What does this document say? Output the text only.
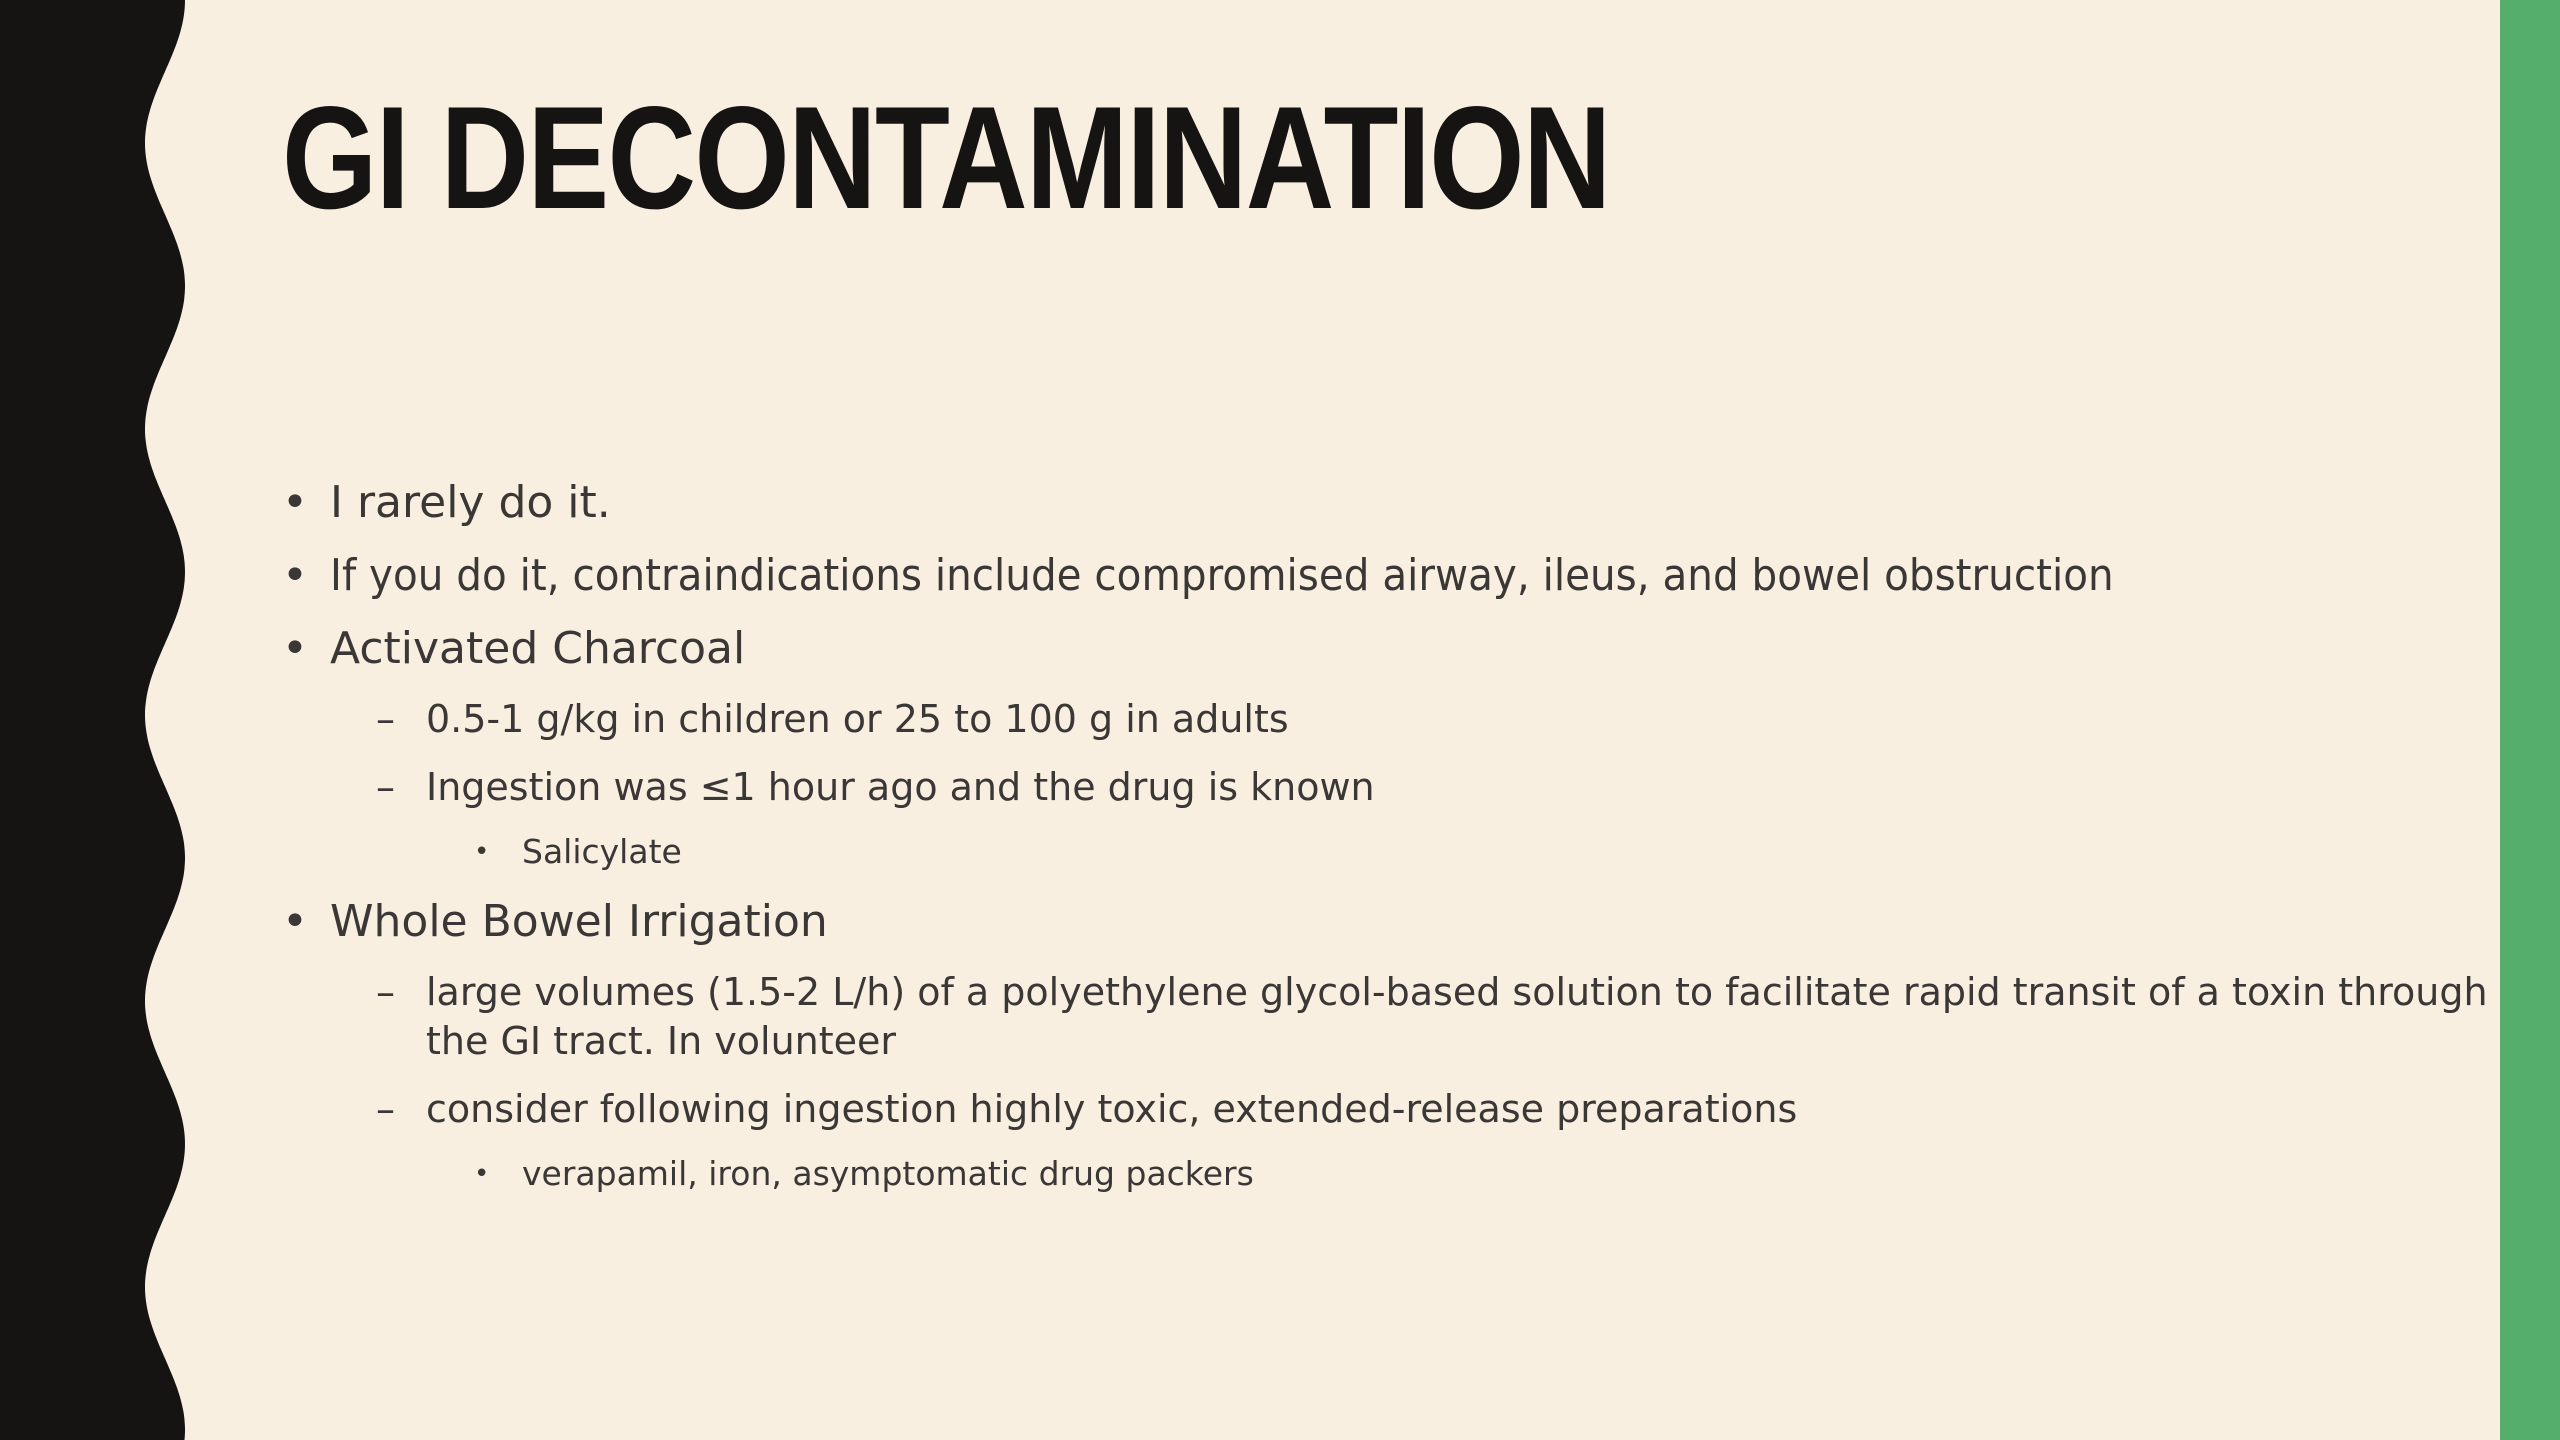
GI DECONTAMINATION
• I rarely do it.
• If you do it, contraindications include compromised airway, ileus, and bowel obstruction
• Activated Charcoal
– 0.5-1 g/kg in children or 25 to 100 g in adults
– Ingestion was ≤1 hour ago and the drug is known
• Salicylate
• Whole Bowel Irrigation
– large volumes (1.5-2 L/h) of a polyethylene glycol-based solution to facilitate rapid transit of a toxin through the GI tract. In volunteer
– consider following ingestion highly toxic, extended-release preparations
• verapamil, iron, asymptomatic drug packers
